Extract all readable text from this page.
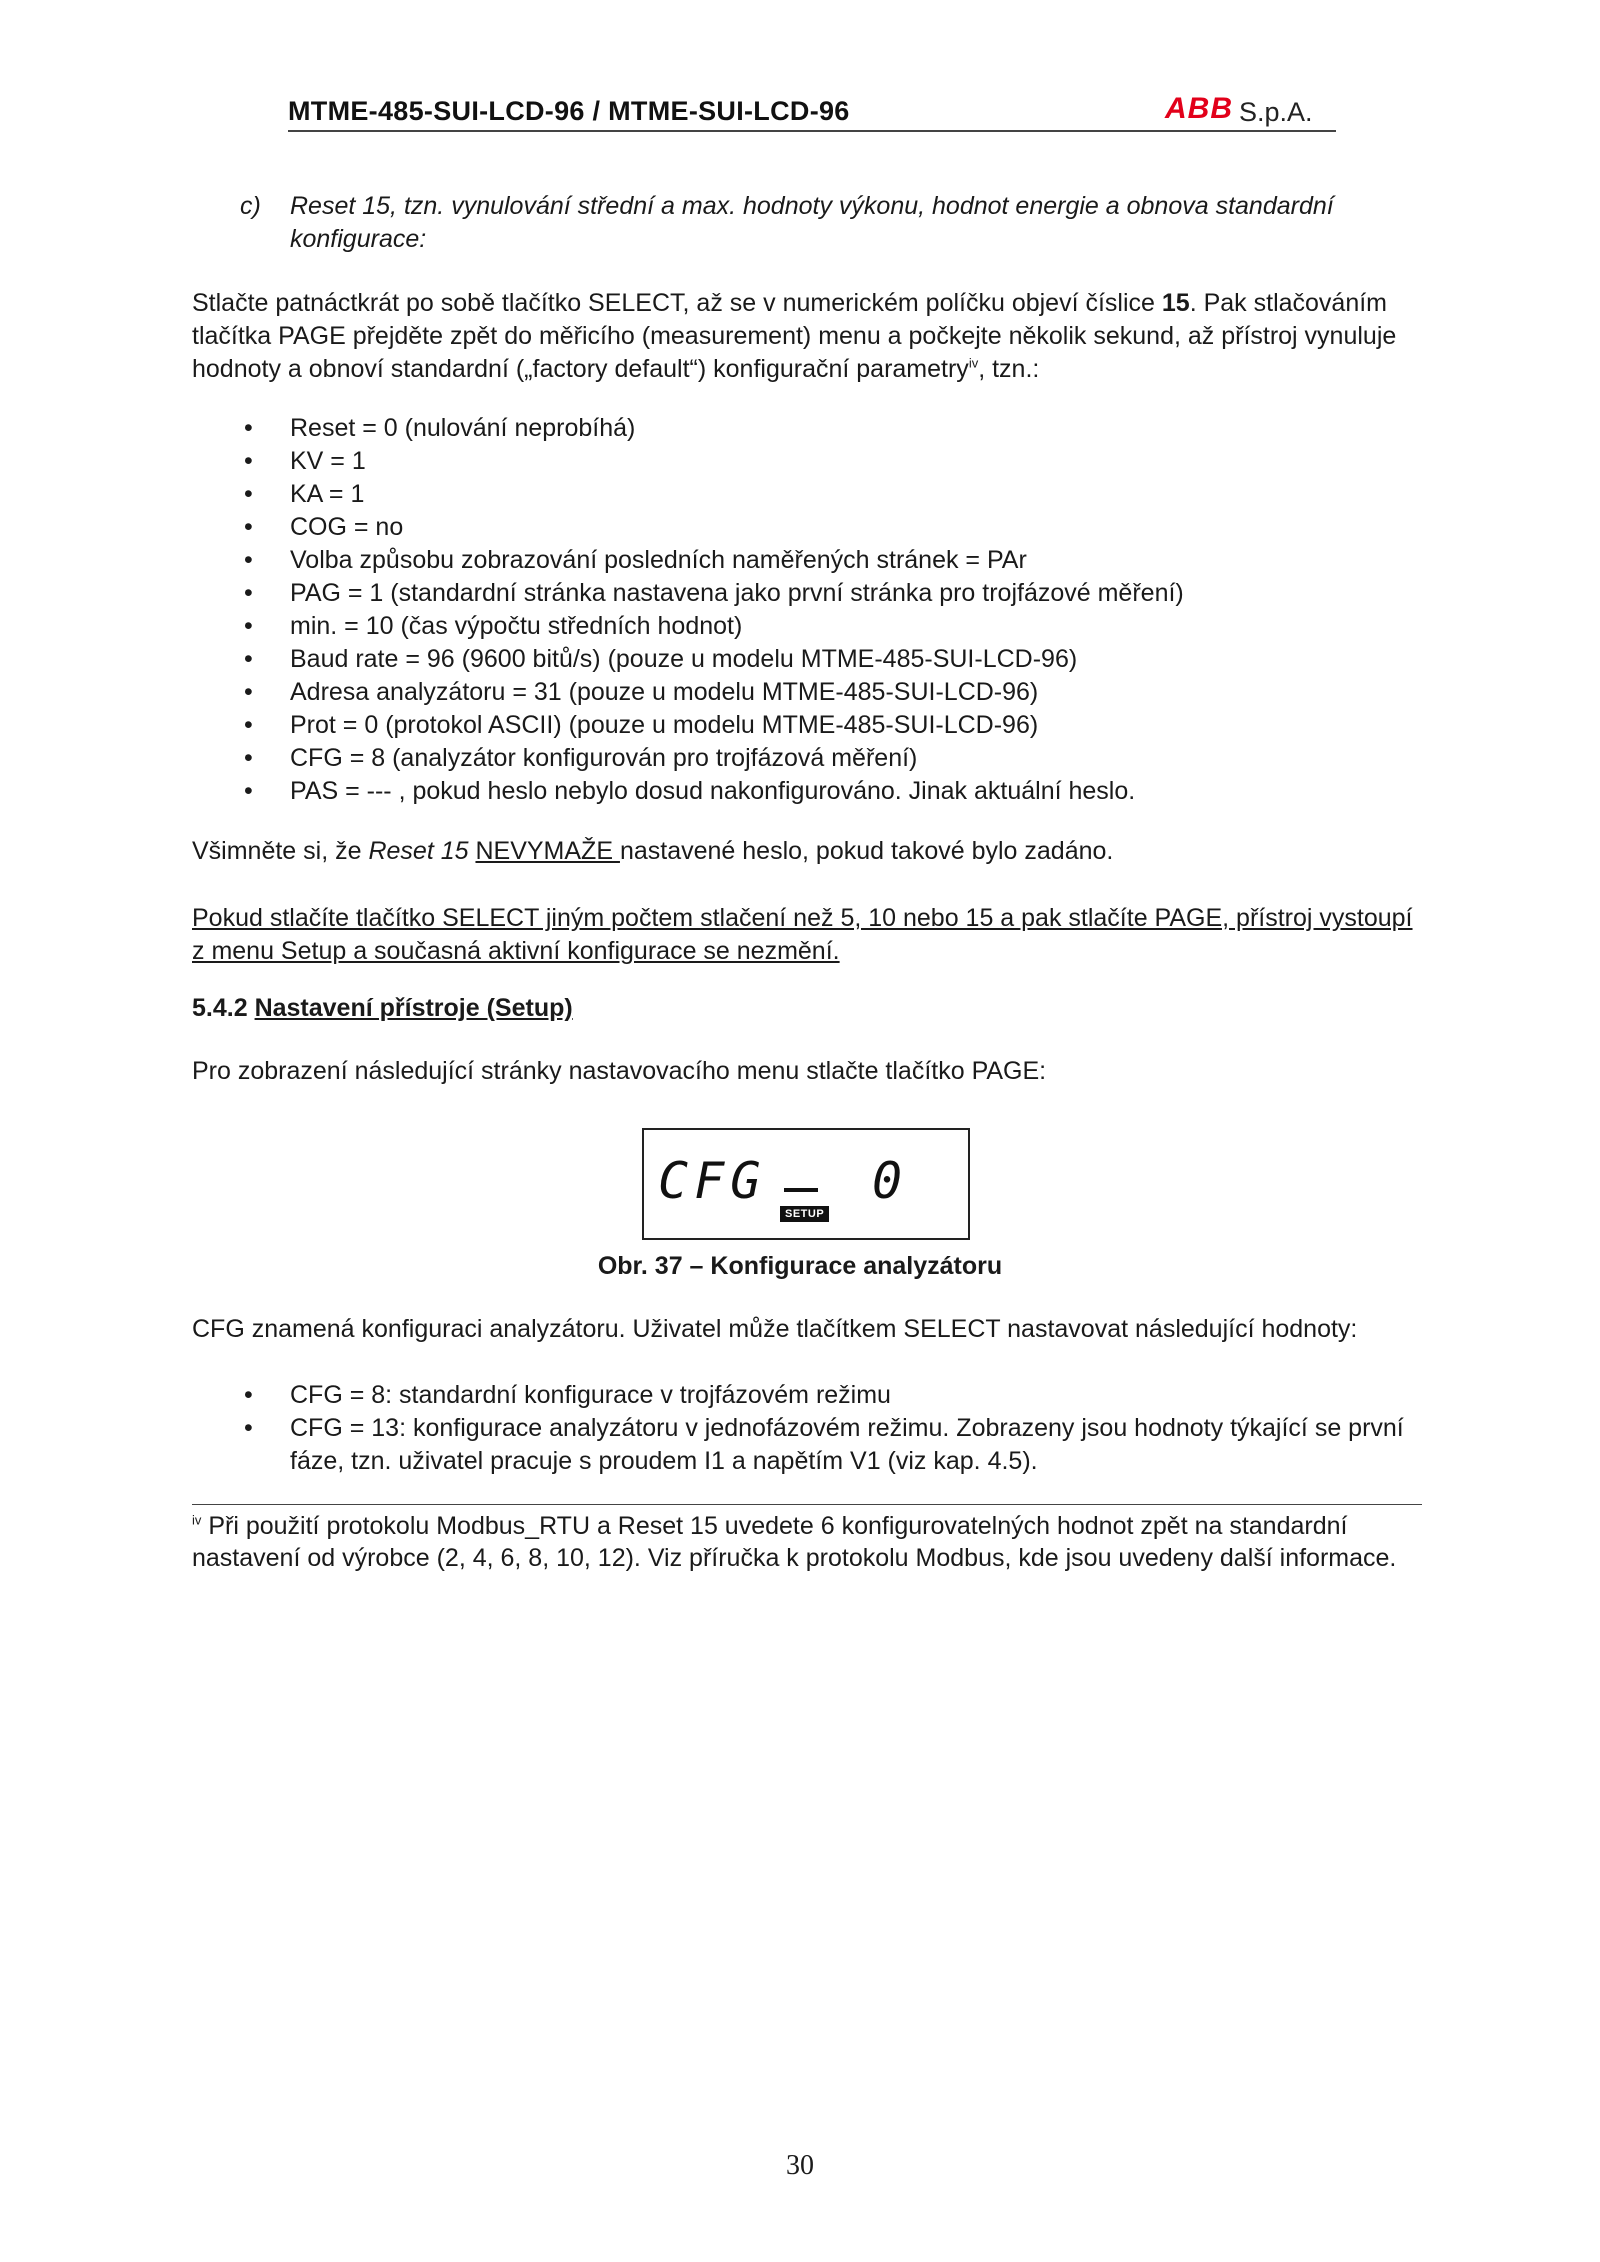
MTME-485-SUI-LCD-96 / MTME-SUI-LCD-96	ABB S.p.A.
c) Reset 15, tzn. vynulování střední a max. hodnoty výkonu, hodnot energie a obnova standardní konfigurace:
Stlačte patnáctkrát po sobě tlačítko SELECT, až se v numerickém políčku objeví číslice 15. Pak stlačováním tlačítka PAGE přejděte zpět do měřicího (measurement) menu a počkejte několik sekund, až přístroj vynuluje hodnoty a obnoví standardní („factory default“) konfigurační parametry$^{iv}$, tzn.:
• Reset = 0 (nulování neprobíhá)
• KV = 1
• KA = 1
• COG = no
• Volba způsobu zobrazování posledních naměřených stránek = PAr
• PAG = 1 (standardní stránka nastavena jako první stránka pro trojfázové měření)
• min. = 10 (čas výpočtu středních hodnot)
• Baud rate = 96 (9600 bitů/s) (pouze u modelu MTME-485-SUI-LCD-96)
• Adresa analyzátoru = 31 (pouze u modelu MTME-485-SUI-LCD-96)
• Prot = 0 (protokol ASCII) (pouze u modelu MTME-485-SUI-LCD-96)
• CFG = 8 (analyzátor konfigurován pro trojfázová měření)
• PAS = --- , pokud heslo nebylo dosud nakonfigurováno. Jinak aktuální heslo.
Všimněte si, že Reset 15 NEVYMAŽE nastavené heslo, pokud takové bylo zadáno.
Pokud stlačíte tlačítko SELECT jiným počtem stlačení než 5, 10 nebo 15 a pak stlačíte PAGE, přístroj vystoupí z menu Setup a současná aktivní konfigurace se nezmění.
5.4.2 Nastavení přístroje (Setup)
Pro zobrazení následující stránky nastavovacího menu stlačte tlačítko PAGE:
CFG 0
SETUP
Obr. 37 – Konfigurace analyzátoru
CFG znamená konfiguraci analyzátoru. Uživatel může tlačítkem SELECT nastavovat následující hodnoty:
• CFG = 8: standardní konfigurace v trojfázovém režimu
• CFG = 13: konfigurace analyzátoru v jednofázovém režimu. Zobrazeny jsou hodnoty týkající se první fáze, tzn. uživatel pracuje s proudem I1 a napětím V1 (viz kap. 4.5).
$^{iv}$ Při použití protokolu Modbus_RTU a Reset 15 uvedete 6 konfigurovatelných hodnot zpět na standardní nastavení od výrobce (2, 4, 6, 8, 10, 12). Viz příručka k protokolu Modbus, kde jsou uvedeny další informace.
30
